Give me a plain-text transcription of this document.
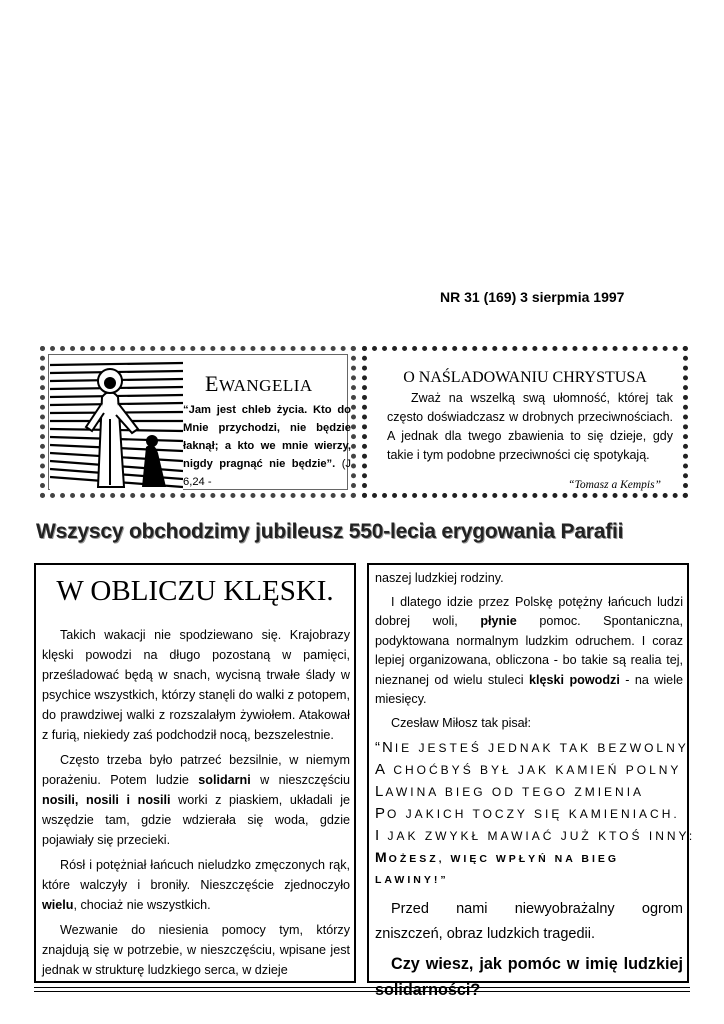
NR 31 (169) 3 sierpmia 1997
EWANGELIA
“Jam jest chleb życia. Kto do Mnie przychodzi, nie będzie łaknął; a kto we mnie wierzy, nigdy pragnąć nie będzie”. (J 6,24 -
O NAŚLADOWANIU CHRYSTUSA
Zważ na wszelką swą ułomność, której tak często doświadczasz w drobnych przeciwnościach. A jednak dla twego zbawienia to się dzieje, gdy takie i tym podobne przeciwności cię spotykają.
“Tomasz a Kempis”
Wszyscy obchodzimy jubileusz 550-lecia erygowania Parafii
W OBLICZU KLĘSKI.

Takich wakacji nie spodziewano się. Krajobrazy klęski powodzi na długo pozostaną w pamięci, prześladować będą w snach, wycisną trwałe ślady w psychice wszystkich, którzy stanęli do walki z potopem, do prawdziwej walki z rozszalałym żywiołem. Atakował z furią, niekiedy zaś podchodził nocą, bezszelestnie.

Często trzeba było patrzeć bezsilnie, w niemym porażeniu. Potem ludzie solidarni w nieszczęściu nosili, nosili i nosili worki z piaskiem, układali je wszędzie tam, gdzie wdzierała się woda, gdzie pojawiały się przecieki.

Rósł i potężniał łańcuch nieludzko zmęczonych rąk, które walczyły i broniły. Nieszczęście zjednoczyło wielu, chociaż nie wszystkich.

Wezwanie do niesienia pomocy tym, którzy znajdują się w potrzebie, w nieszczęściu, wpisane jest jednak w strukturę ludzkiego serca, w dzieje

naszej ludzkiej rodziny.

I dlatego idzie przez Polskę potężny łańcuch ludzi dobrej woli, płynie pomoc. Spontaniczna, podyktowana normalnym ludzkim odruchem. I coraz lepiej organizowana, obliczona - bo takie są realia tej, nieznanej od wielu stuleci klęski powodzi - na wiele miesięcy.

Czesław Miłosz tak pisał:

“NIE JESTEŚ JEDNAK TAK BEZWOLNY
A CHOĆBYŚ BYŁ JAK KAMIEŃ POLNY
LAWINA BIEG OD TEGO ZMIENIA
PO JAKICH TOCZY SIĘ KAMIENIACH.
I JAK ZWYKŁ MAWIAĆ JUŻ KTOŚ INNY:
MOŻESZ, WIĘC WPŁYŃ NA BIEG
LAWINY!”

Przed nami niewyobrażalny ogrom zniszczeń, obraz ludzkich tragedii.

Czy wiesz, jak pomóc w imię ludzkiej solidarności?
